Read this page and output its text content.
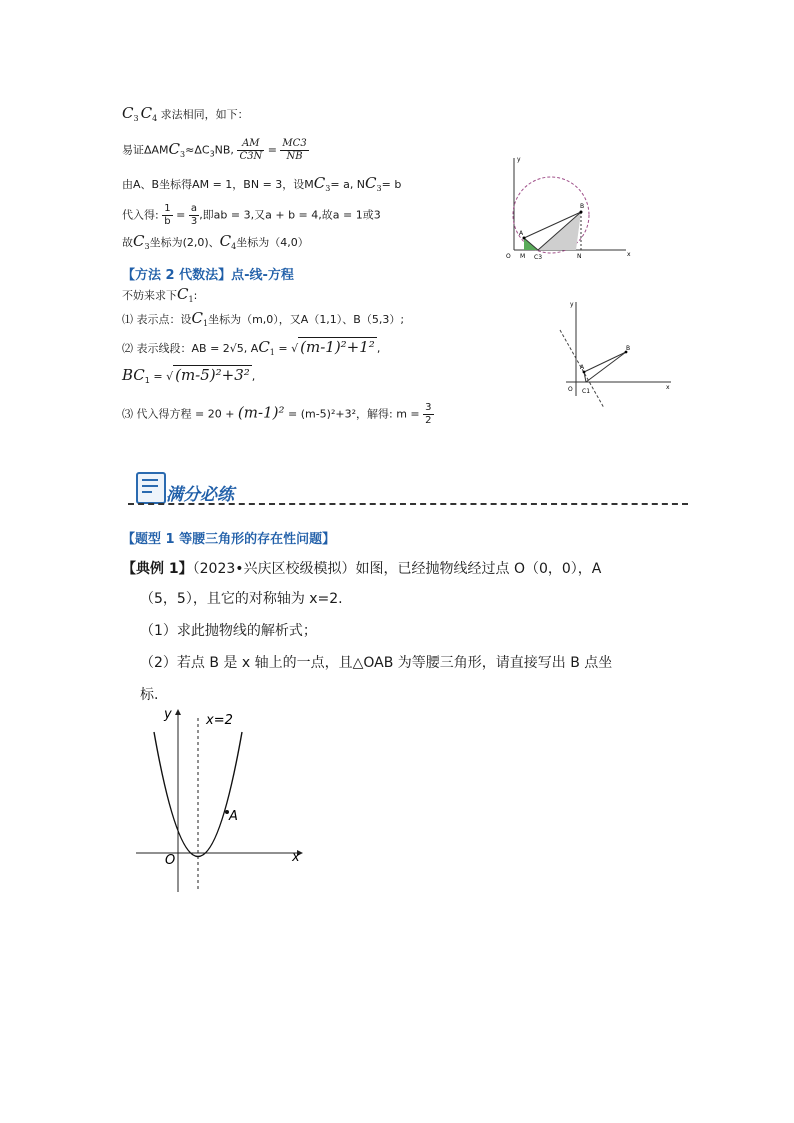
$C_3$ $C_4$ 求法相同，如下：
易证$\Delta AMC_3\approx\Delta C_3NB$, $\frac{AM}{C3N} = \frac{MC3}{NB}$
由A、B坐标得AM = 1，BN = 3，设$MC_3= a$, $NC_3= b$
代入得: $\frac{1}{b} = \frac{a}{3}$ ,即ab = 3,又a + b = 4,故a = 1或3
故$C_3$坐标为(2,0)、$C_4$坐标为（4,0）
【方法 2 代数法】点-线-方程
不妨来求下$C_1$:
⑴ 表示点：设$C_1$坐标为（m,0），又A（1,1）、B（5,3）;
⑵ 表示线段：AB = 2√5, $AC_1$ = √ (m-1)²+1² ,
$BC_1$ = √ (m-5)²+3² ,
⑶ 代入得方程 = 20 + (m-1)² = (m-5)²+3²，解得: $m = \frac{3}{2}$
O M C3	N	x
y
A
B
O C1
A
B
x
y
满分必练
【题型 1 等腰三角形的存在性问题】
【典例 1】（2023•兴庆区校级模拟）如图，已经抛物线经过点 O（0，0），A
（5，5），且它的对称轴为 x=2.
（1）求此抛物线的解析式；
（2）若点 B 是 x 轴上的一点，且△OAB 为等腰三角形，请直接写出 B 点坐
标.
A
O	x
y	x=2
